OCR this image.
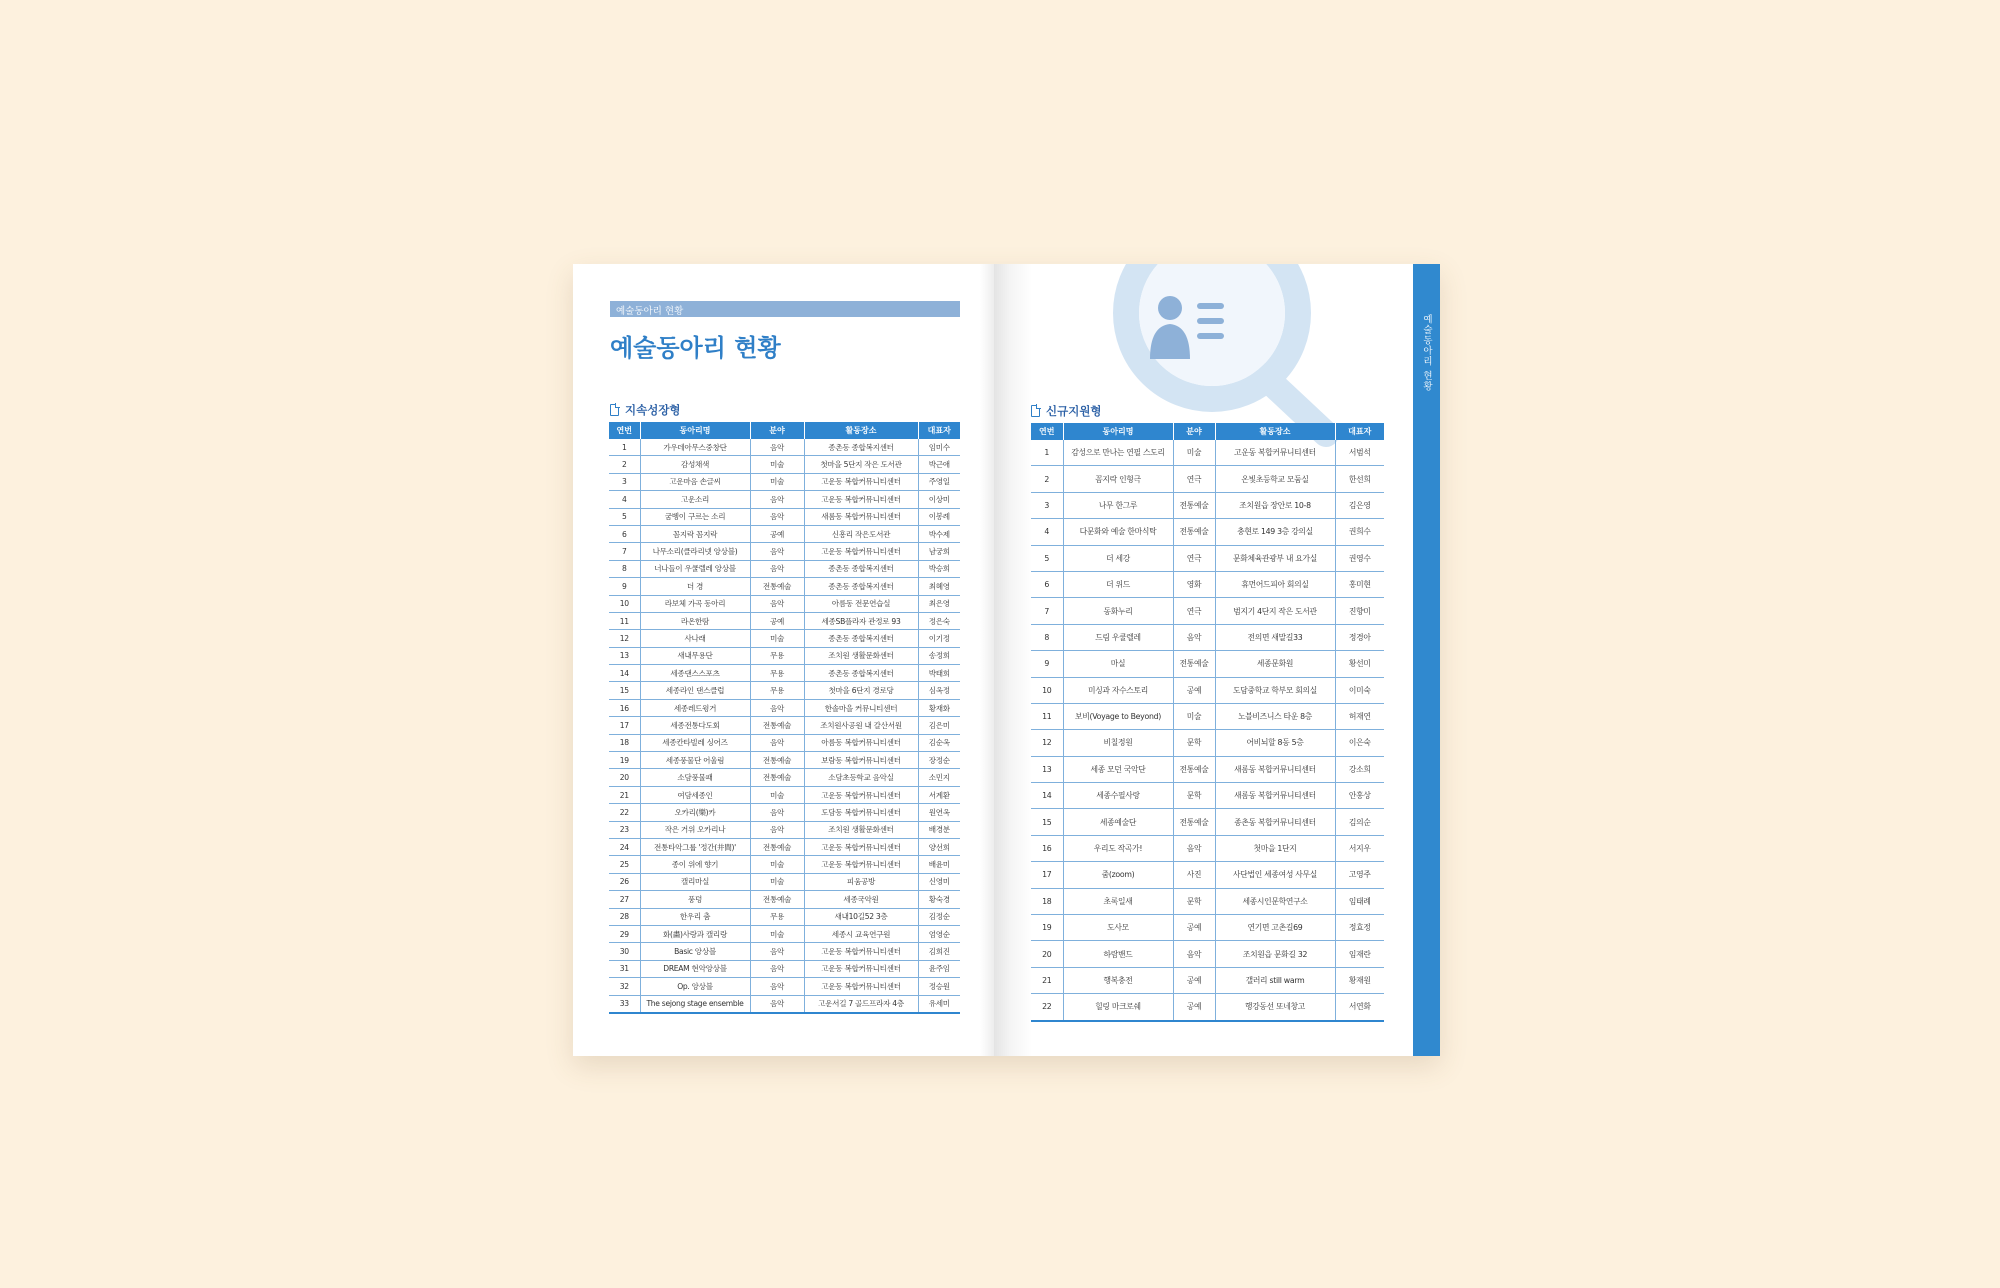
예술동아리 현황
예술동아리 현황
지속성장형
연번	동아리명	분야	활동장소	대표자
1	가우데아무스중창단	음악	종촌동 종합복지센터	임미수
2	감성채색	미술	첫마을 5단지 작은 도서관	박근애
3	고운마음 손글씨	미술	고운동 복합커뮤니티센터	주영일
4	고운소리	음악	고운동 복합커뮤니티센터	이상미
5	굼벵이 구르는 소리	음악	새롬동 복합커뮤니티센터	이봉례
6	꼼지락 꼼지락	공예	신흥리 작은도서관	박수제
7	나무소리(클라리넷 앙상블)	음악	고운동 복합커뮤니티센터	남궁희
8	너나들이 우쿨렐레 앙상블	음악	종촌동 종합복지센터	박승희
9	더 경	전통예술	종촌동 종합복지센터	최혜영
10	라보체 가곡 동아리	음악	아름동 전문연습실	최은영
11	라온한땀	공예	세종SB플라자 관정로 93	정은숙
12	사나래	미술	종촌동 종합복지센터	이기정
13	새내무용단	무용	조치원 생활문화센터	송정희
14	세종댄스스포츠	무용	종촌동 종합복지센터	박태희
15	세종라인 댄스클럽	무용	첫마을 6단지 경로당	심옥정
16	세종레드윙거	음악	한솔마을 커뮤니티센터	황재화
17	세종전통다도회	전통예술	조치원사공원 내 갈산서원	김은미
18	세종칸타빌레 싱어즈	음악	아름동 복합커뮤니티센터	김순옥
19	세종풍물단 어울림	전통예술	보람동 복합커뮤니티센터	장정순
20	소담풍물패	전통예술	소담초등학교 음악실	소민지
21	여담세종인	미술	고운동 복합커뮤니티센터	서계환
22	오카리(樂)카	음악	도담동 복합커뮤니티센터	원연옥
23	작은 거위 오카리나	음악	조치원 생활문화센터	배경분
24	전통타악그룹 '정간(井間)'	전통예술	고운동 복합커뮤니티센터	양선희
25	종이 위에 향기	미술	고운동 복합커뮤니티센터	배윤미
26	캘리마실	미술	피움공방	신영미
27	풍덩	전통예술	세종국악원	황숙경
28	한우리 춤	무용	새내10길52 3층	김정순
29	화(畵)사랑과 캘리랑	미술	세종시 교육연구원	엄영순
30	Basic 앙상블	음악	고운동 복합커뮤니티센터	김희진
31	DREAM 현악앙상블	음악	고운동 복합커뮤니티센터	윤주임
32	Op. 앙상블	음악	고운동 복합커뮤니티센터	정승원
33	The sejong stage ensemble	음악	고운서길 7 골드프라자 4층	유세미
신규지원형
연번	동아리명	분야	활동장소	대표자
1	감성으로 만나는 연필 스도리	미술	고운동 복합커뮤니티센터	서범석
2	꼼지락 인형극	연극	온빛초등학교 모둠실	한선희
3	나무 한그루	전통예술	조치원읍 장안로 10-8	김은영
4	다문화와 예술 한마식탁	전통예술	충현로 149 3층 강의실	권희수
5	더 세강	연극	문화체육관광부 내 요가실	권영수
6	더 위드	영화	휴먼어드피아 회의실	홍미현
7	동화누리	연극	범지기 4단지 작은 도서관	진향미
8	드림 우쿨렐레	음악	전의면 새말길33	정경아
9	마실	전통예술	세종문화원	황선미
10	미싱과 자수스토리	공예	도담중학교 학부모 회의실	이미숙
11	보비(Voyage to Beyond)	미술	노블비즈니스 타운 8층	허재연
12	비칠정원	문학	어비뇌할 8동 5층	이은숙
13	세종 모던 국악단	전통예술	새롬동 복합커뮤니티센터	강소희
14	세종수필사랑	문학	새롬동 복합커뮤니티센터	안홍상
15	세종예술단	전통예술	종촌동 복합커뮤니티센터	김의순
16	우리도 작곡가!	음악	첫마을 1단지	서지우
17	줌(zoom)	사진	사단법인 세종여성 사무실	고영주
18	초록일새	문학	세종시인문학연구소	임태례
19	도사모	공예	연기면 고촌길69	정효정
20	하람밴드	음악	조치원읍 문화길 32	임재란
21	행복충전	공예	갤러리 still warm	황재원
22	힐링 마크로쉐	공예	행강동선 또네창고	서연화
예술동아리 현황
